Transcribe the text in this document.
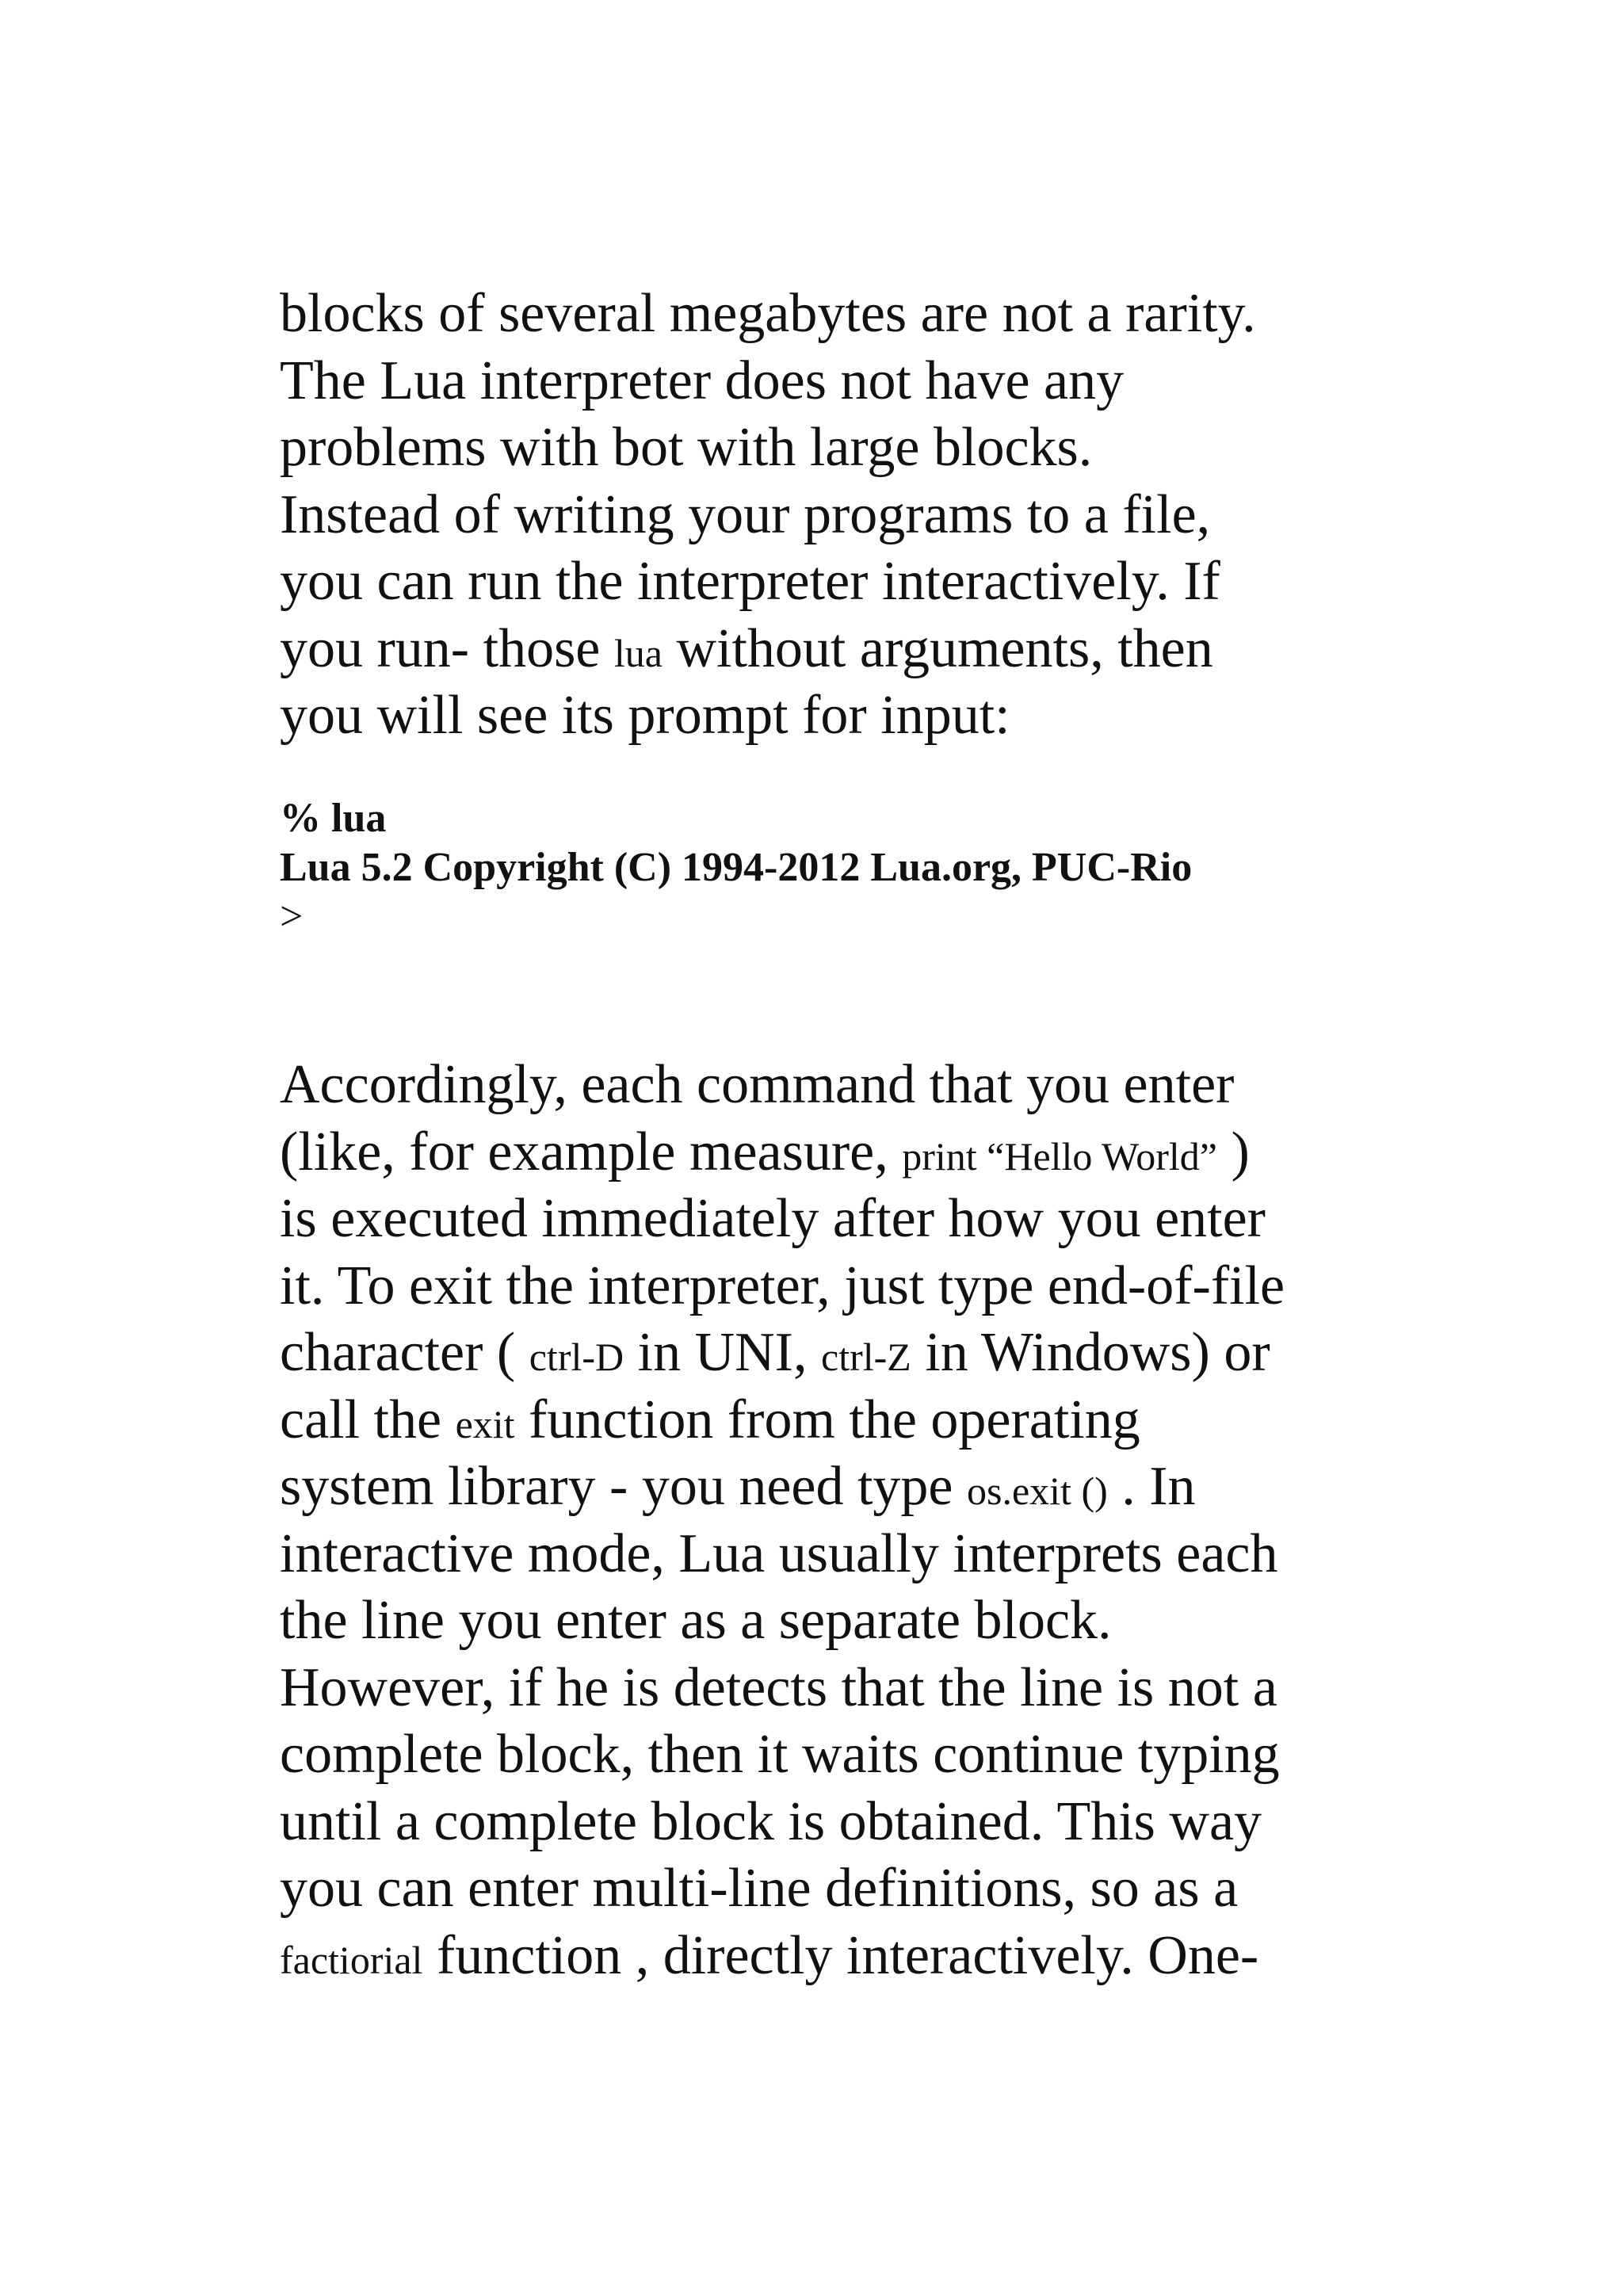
blocks of several megabytes are not a rarity.
The Lua interpreter does not have any
problems with bot with large blocks.
Instead of writing your programs to a file,
you can run the interpreter interactively. If
you run- those lua without arguments, then
you will see its prompt for input:
% lua
Lua 5.2 Copyright (C) 1994-2012 Lua.org, PUC-Rio
>
Accordingly, each command that you enter
(like, for example measure, print “Hello World” )
is executed immediately after how you enter
it. To exit the interpreter, just type end-of-file
character ( ctrl-D in UNI, ctrl-Z in Windows) or
call the exit function from the operating
system library - you need type os.exit () . In
interactive mode, Lua usually interprets each
the line you enter as a separate block.
However, if he is detects that the line is not a
complete block, then it waits continue typing
until a complete block is obtained. This way
you can enter multi-line definitions, so as a
factiorial function , directly interactively. One-
